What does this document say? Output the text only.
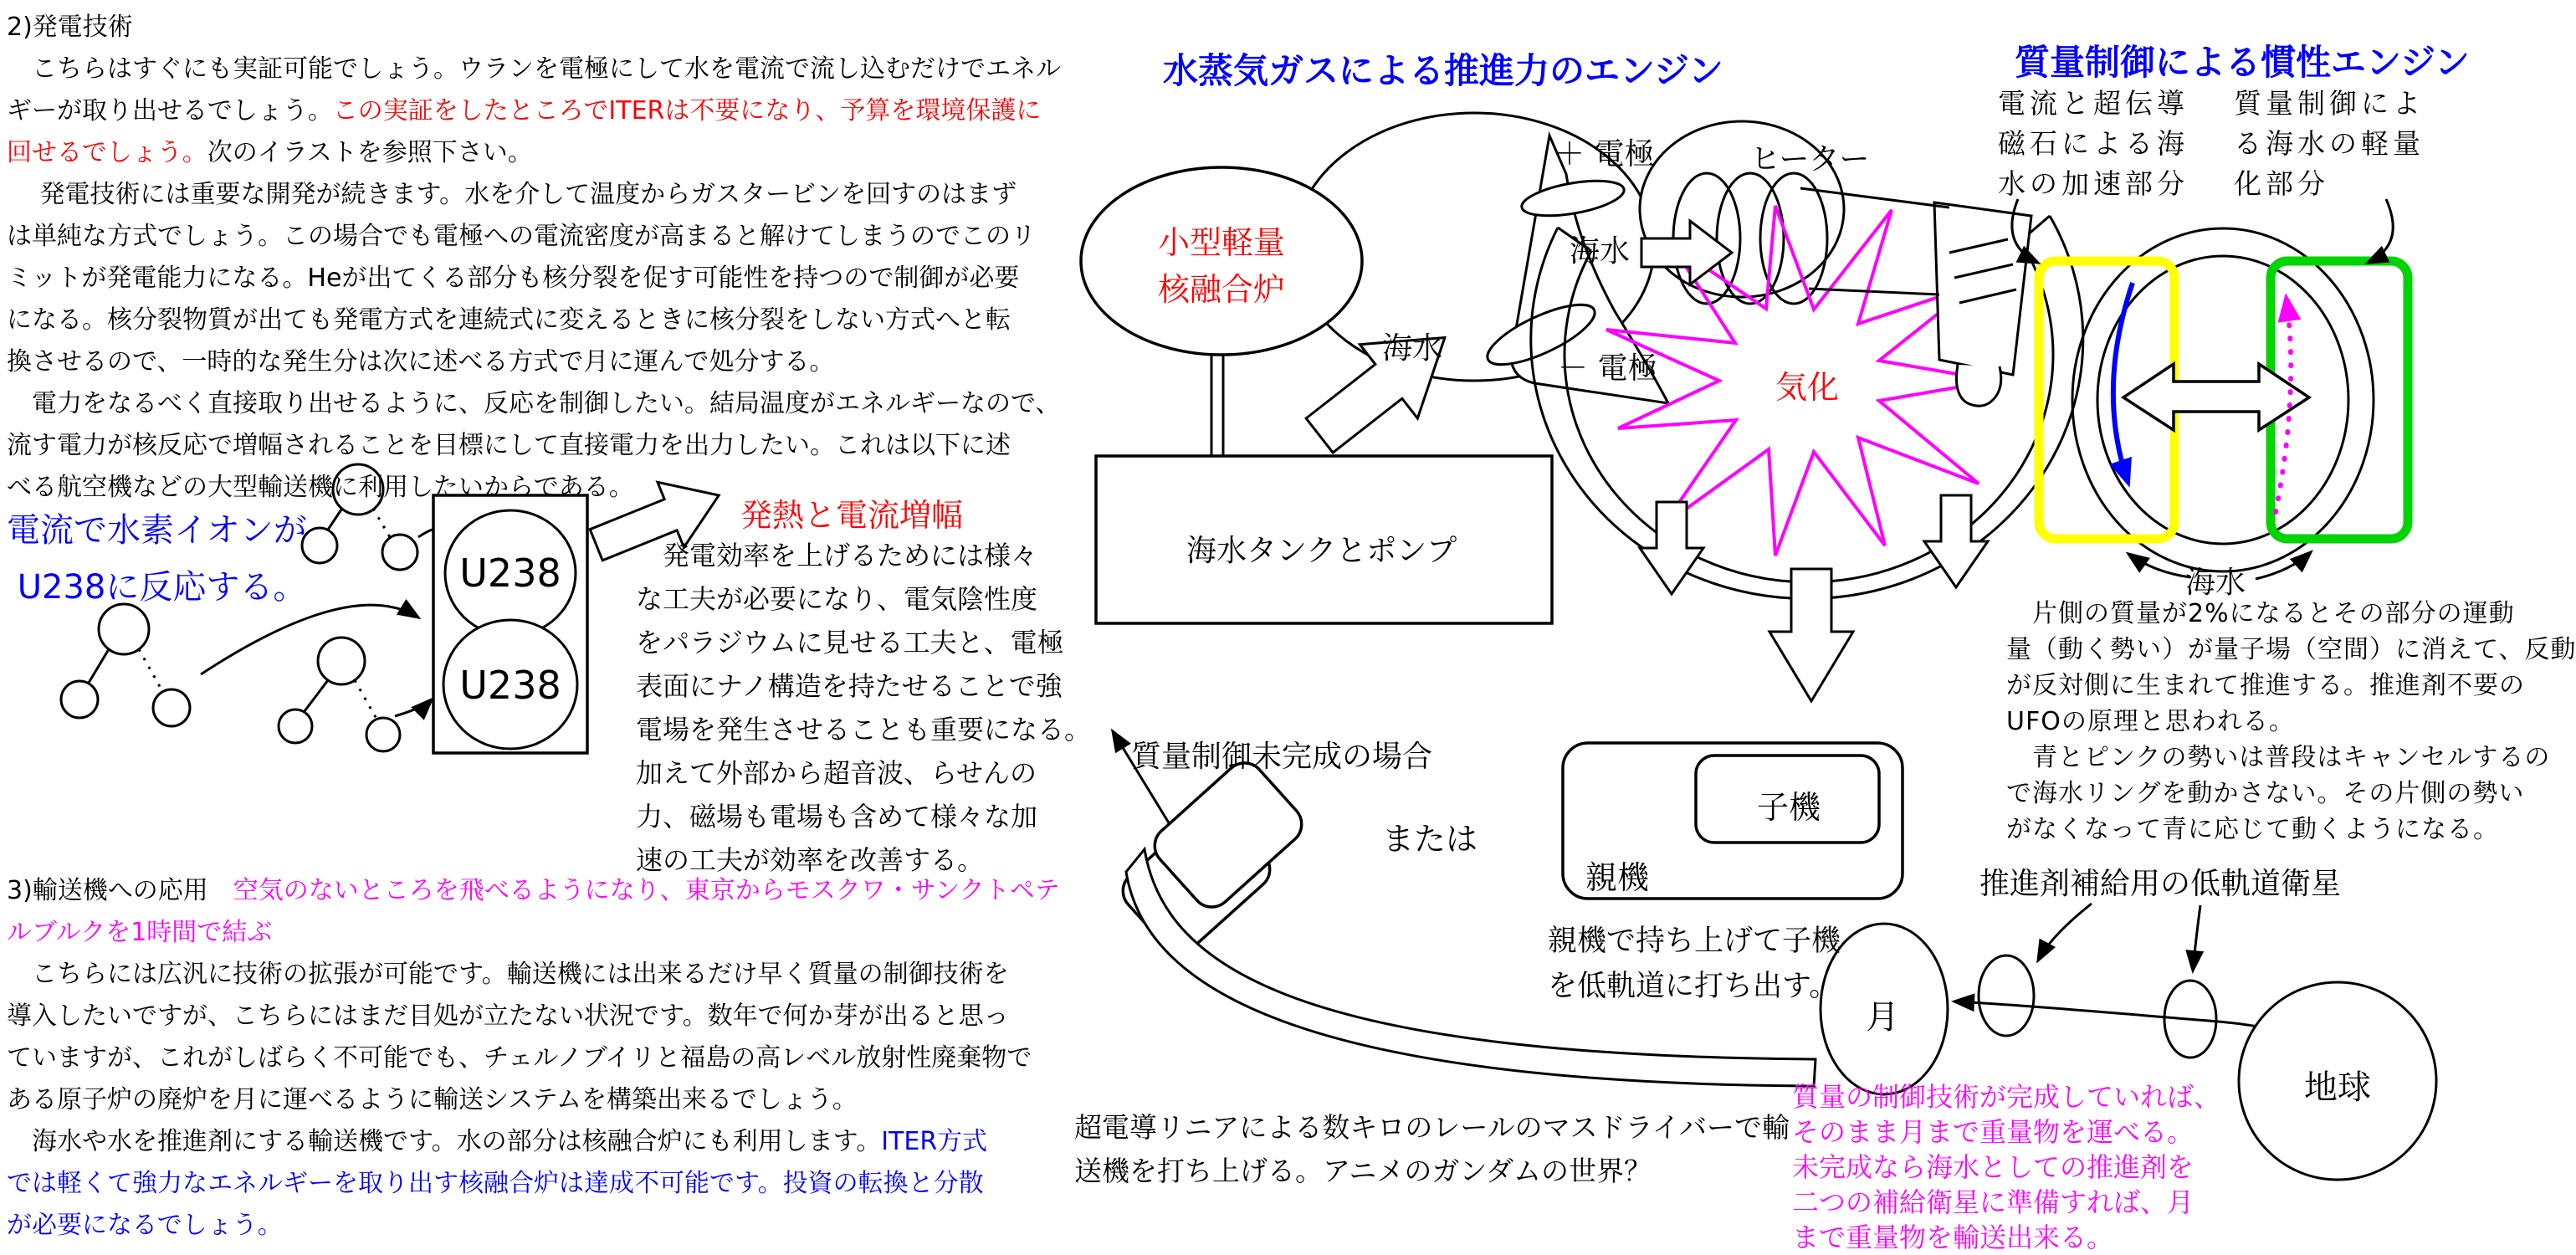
2)発電技術
　こちらはすぐにも実証可能でしょう。ウランを電極にして水を電流で流し込むだけでエネル
ギーが取り出せるでしょう。この実証をしたところでITERは不要になり、予算を環境保護に
回せるでしょう。次のイラストを参照下さい。
　 発電技術には重要な開発が続きます。水を介して温度からガスタービンを回すのはまず
は単純な方式でしょう。この場合でも電極への電流密度が高まると解けてしまうのでこのリ
ミットが発電能力になる。Heが出てくる部分も核分裂を促す可能性を持つので制御が必要
になる。核分裂物質が出ても発電方式を連続式に変えるときに核分裂をしない方式へと転
換させるので、一時的な発生分は次に述べる方式で月に運んで処分する。
　電力をなるべく直接取り出せるように、反応を制御したい。結局温度がエネルギーなので、
流す電力が核反応で増幅されることを目標にして直接電力を出力したい。これは以下に述
べる航空機などの大型輸送機に利用したいからである。
電流で水素イオンが
U238に反応する。	U238
U238
発熱と電流増幅
　発電効率を上げるためには様々
な工夫が必要になり、電気陰性度
をパラジウムに見せる工夫と、電極
表面にナノ構造を持たせることで強
電場を発生させることも重要になる。
加えて外部から超音波、らせんの
力、磁場も電場も含めて様々な加
速の工夫が効率を改善する。
3)輸送機への応用　空気のないところを飛べるようになり、東京からモスクワ・サンクトペテ
ルブルクを1時間で結ぶ
　こちらには広汎に技術の拡張が可能です。輸送機には出来るだけ早く質量の制御技術を
導入したいですが、こちらにはまだ目処が立たない状況です。数年で何か芽が出ると思っ
ていますが、これがしばらく不可能でも、チェルノブイリと福島の高レベル放射性廃棄物で
ある原子炉の廃炉を月に運べるように輸送システムを構築出来るでしょう。
　海水や水を推進剤にする輸送機です。水の部分は核融合炉にも利用します。ITER方式
では軽くて強力なエネルギーを取り出す核融合炉は達成不可能です。投資の転換と分散
が必要になるでしょう。
水蒸気ガスによる推進力のエンジン
小型軽量
核融合炉
海水タンクとポンプ
＋ 電極	ヒーター
海水
海水
－ 電極
気化
質量制御未完成の場合
または
子機
親機
親機で持ち上げて子機
を低軌道に打ち出す。
超電導リニアによる数キロのレールのマスドライバーで輸
送機を打ち上げる。アニメのガンダムの世界？
質量制御による慣性エンジン
電流と超伝導
磁石による海
水の加速部分
質量制御によ
る海水の軽量
化部分
海水
　片側の質量が2%になるとその部分の運動
量（動く勢い）が量子場（空間）に消えて、反動
が反対側に生まれて推進する。推進剤不要の
UFOの原理と思われる。
　青とピンクの勢いは普段はキャンセルするの
で海水リングを動かさない。その片側の勢い
がなくなって青に応じて動くようになる。
推進剤補給用の低軌道衛星
月
地球
質量の制御技術が完成していれば、
そのまま月まで重量物を運べる。
未完成なら海水としての推進剤を
二つの補給衛星に準備すれば、月
まで重量物を輸送出来る。
